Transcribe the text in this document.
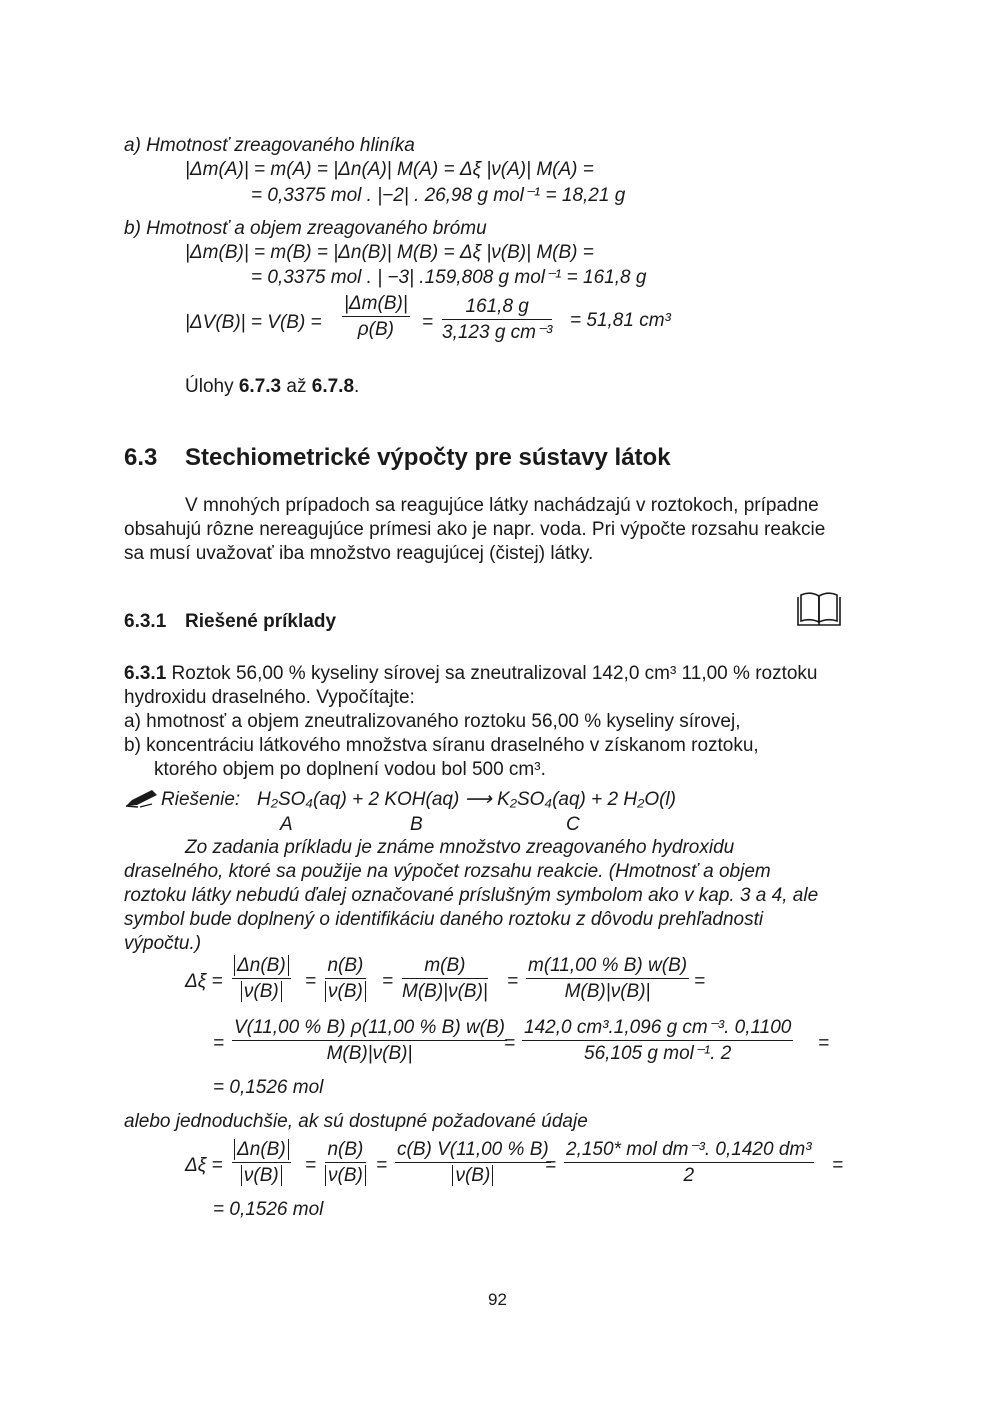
a) Hmotnosť zreagovaného hliníka
|Δm(A)| = m(A) = |Δn(A)| M(A) = Δξ |ν(A)| M(A) =
= 0,3375 mol . |−2| . 26,98 g mol⁻¹ = 18,21 g
b) Hmotnosť a objem zreagovaného brómu
|Δm(B)| = m(B) = |Δn(B)| M(B) = Δξ |ν(B)| M(B) =
= 0,3375 mol . | −3| .159,808 g mol⁻¹ = 161,8 g
$|\Delta V(B)| = V(B) = \frac{|\Delta m(B)|}{\rho(B)} = \frac{161,8 g}{\text{3,123 g cm⁻³}} = 51,81$ cm³
Úlohy 6.7.3 až 6.7.8.
6.3 Stechiometrické výpočty pre sústavy látok
V mnohých prípadoch sa reagujúce látky nachádzajú v roztokoch, prípadne
obsahujú rôzne nereagujúce prímesi ako je napr. voda. Pri výpočte rozsahu reakcie
sa musí uvažovať iba množstvo reagujúcej (čistej) látky.
6.3.1 Riešené príklady
6.3.1 Roztok 56,00 % kyseliny sírovej sa zneutralizoval 142,0 cm³ 11,00 % roztoku
hydroxidu draselného. Vypočítajte:
a) hmotnosť a objem zneutralizovaného roztoku 56,00 % kyseliny sírovej,
b) koncentráciu látkového množstva síranu draselného v získanom roztoku,
ktorého objem po doplnení vodou bol 500 cm³.
Riešenie: H₂SO₄(aq) + 2 KOH(aq) ⟶ K₂SO₄(aq) + 2 H₂O(l)
A	B	C
Zo zadania príkladu je známe množstvo zreagovaného hydroxidu
draselného, ktoré sa použije na výpočet rozsahu reakcie. (Hmotnosť a objem
roztoku látky nebudú ďalej označované príslušným symbolom ako v kap. 3 a 4, ale
symbol bude doplnený o identifikáciu daného roztoku z dôvodu prehľadnosti
výpočtu.)
$\Delta\xi = \frac{\Delta n(B)}{\nu(B)} = \frac{n(B)}{\nu(B)} = \frac{m(B)}{M(B)|\nu(B)|} = \frac{m(11,00 \% B) w(B)}{M(B)|\nu(B)|}$ =
= $\frac{V(11,00 \% B) \rho(11,00 \% B) w(B)}{M(B)|\nu(B)|}$
=
142,0 cm³.1,096 g cm⁻³. 0,1100
56,105 g mol⁻¹. 2	=
= 0,1526 mol
alebo jednoduchšie, ak sú dostupné požadované údaje
$\Delta\xi = \frac{\Delta n(B)}{\nu(B)} = \frac{n(B)}{\nu(B)} = \frac{c(B) V(11,00 \% B)}{\nu(B)}$
=
2,150* mol dm⁻³. 0,1420 dm³
2	=
= 0,1526 mol
92
